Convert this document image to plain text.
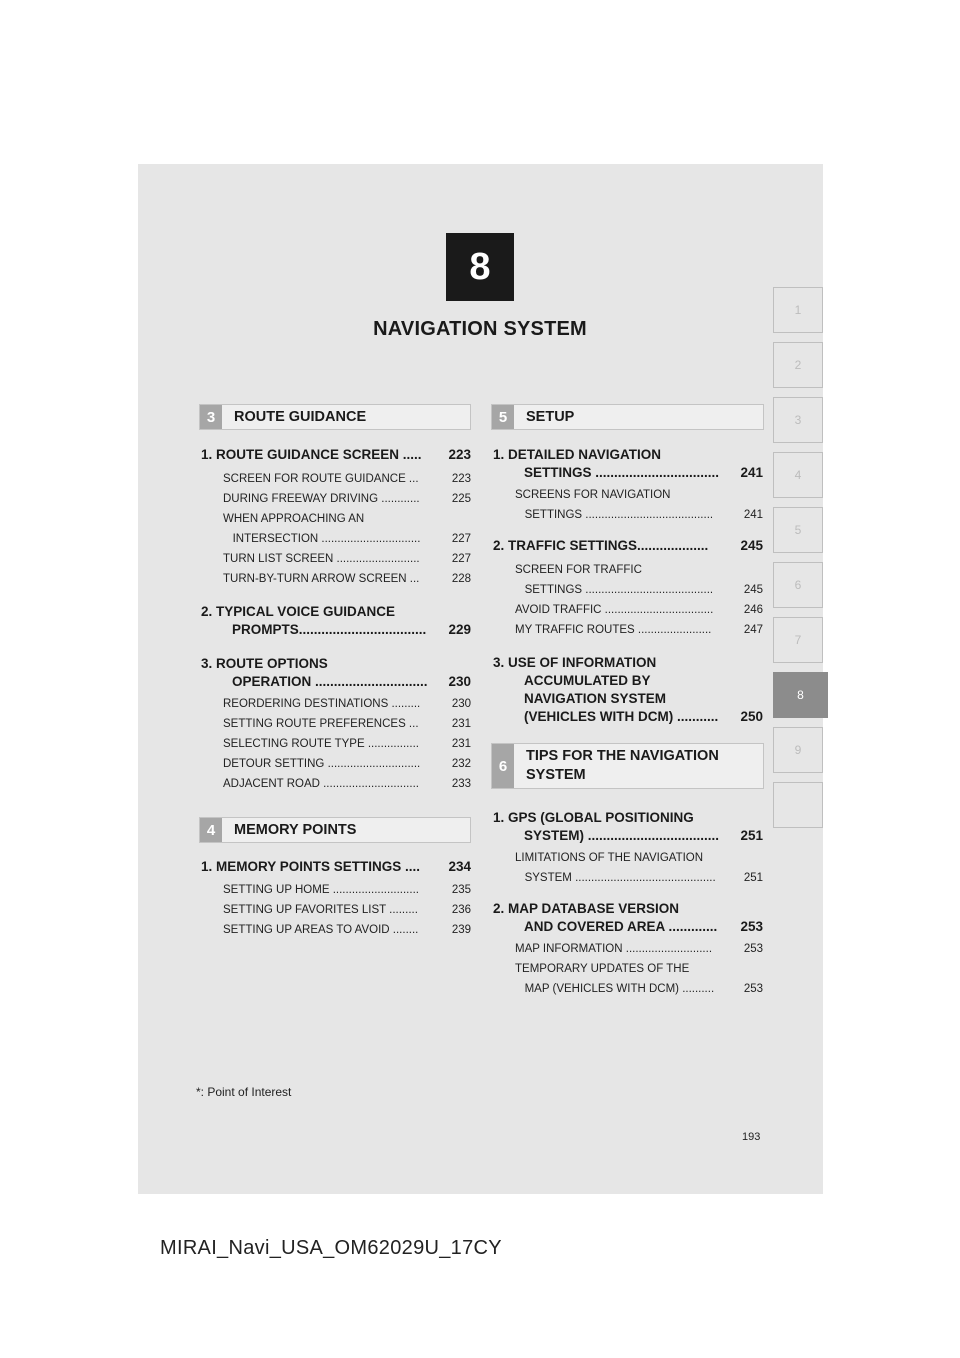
8
NAVIGATION SYSTEM
1
2
3
4
5
6
7
8
9
3	ROUTE GUIDANCE	5	SETUP
1. ROUTE GUIDANCE SCREEN ..... 223
SCREEN FOR ROUTE GUIDANCE ...	223
DURING FREEWAY DRIVING ............	225
WHEN APPROACHING AN
INTERSECTION ...............................	227
TURN LIST SCREEN ..........................	227
TURN-BY-TURN ARROW SCREEN ...	228
2. TYPICAL VOICE GUIDANCE
PROMPTS.................................. 229
3. ROUTE OPTIONS
OPERATION .............................. 230
REORDERING DESTINATIONS .........	230
SETTING ROUTE PREFERENCES ...	231
SELECTING ROUTE TYPE ................	231
DETOUR SETTING .............................	232
ADJACENT ROAD ..............................	233
4	MEMORY POINTS
1. MEMORY POINTS SETTINGS .... 234
SETTING UP HOME ...........................	235
SETTING UP FAVORITES LIST .........	236
SETTING UP AREAS TO AVOID ........	239
1. DETAILED NAVIGATION
SETTINGS ................................. 241
SCREENS FOR NAVIGATION
SETTINGS ........................................	241
2. TRAFFIC SETTINGS................... 245
SCREEN FOR TRAFFIC
SETTINGS ........................................	245
AVOID TRAFFIC ..................................	246
MY TRAFFIC ROUTES .......................	247
3. USE OF INFORMATION
ACCUMULATED BY
NAVIGATION SYSTEM
(VEHICLES WITH DCM) ........... 250
6
TIPS FOR THE NAVIGATION
SYSTEM
1. GPS (GLOBAL POSITIONING
SYSTEM) ................................... 251
LIMITATIONS OF THE NAVIGATION
SYSTEM ............................................ 251
2. MAP DATABASE VERSION
AND COVERED AREA ............. 253
MAP INFORMATION ...........................	253
TEMPORARY UPDATES OF THE
MAP (VEHICLES WITH DCM) ..........	253
*: Point of Interest
193
MIRAI_Navi_USA_OM62029U_17CY
